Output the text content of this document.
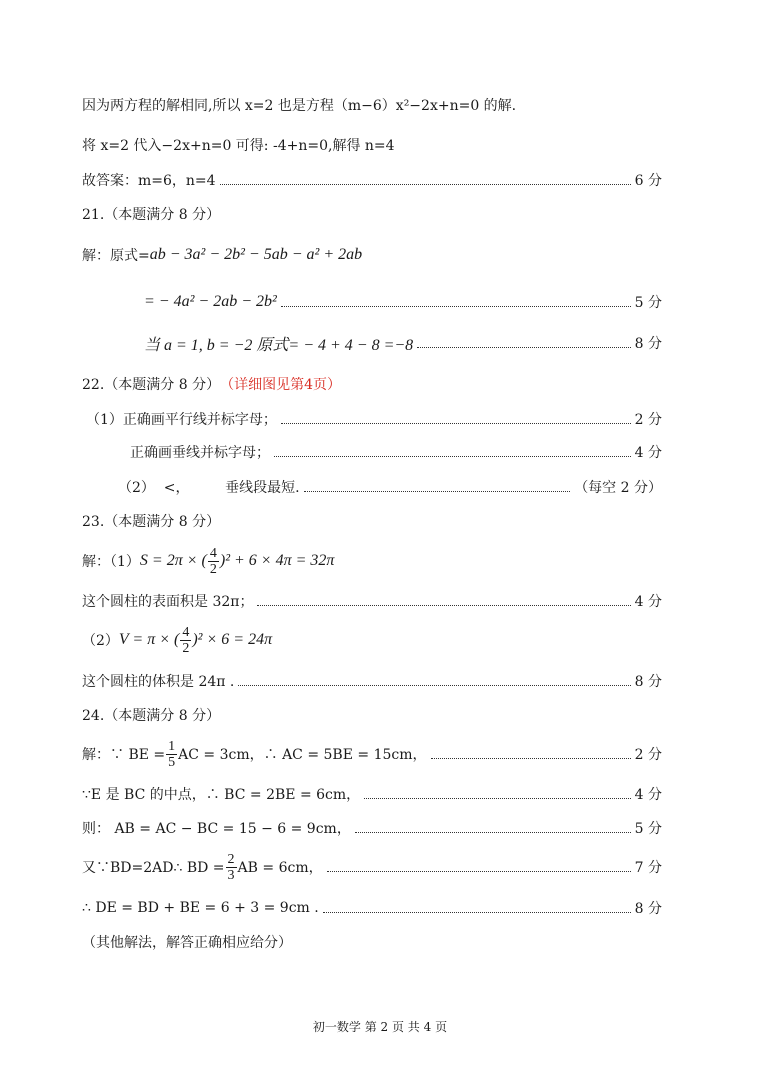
因为两方程的解相同,所以 x=2 也是方程（m−6）x²−2x+n=0 的解.
将 x=2 代入−2x+n=0 可得: -4+n=0,解得 n=4
故答案：m=6，n=4	6 分
21.（本题满分 8 分）
解：原式= ab − 3a² − 2b² − 5ab − a² + 2ab
= − 4a² − 2ab − 2b²	5 分
当 a = 1, b = −2 原式= − 4 + 4 − 8 =−8	8 分
22.（本题满分 8 分） （详细图见第4页）
（1）正确画平行线并标字母；	2 分
正确画垂线并标字母；	4 分
（2）  <，        垂线段最短.	（每空 2 分）
23.（本题满分 8 分）
解：（1） S = 2π × ( $\frac{4}{2} )^2 + 6 \times 4\pi = 32\pi$
这个圆柱的表面积是 32π；	4 分
（2） V = π × ( $\frac{4}{2} )^2 \times 6 = 24\pi$
这个圆柱的体积是 24π .	8 分
24.（本题满分 8 分）
解：∵ BE = $\frac{1}{5}$ AC = 3cm，∴ AC = 5BE = 15cm，	2 分
∵E 是 BC 的中点，∴ BC = 2BE = 6cm，	4 分
则： AB = AC − BC = 15 − 6 = 9cm，	5 分
又∵BD=2AD∴ BD = $\frac{2}{3}$ AB = 6cm，	7 分
∴ DE = BD + BE = 6 + 3 = 9cm .	8 分
（其他解法，解答正确相应给分）
初一数学 第 2 页 共 4 页
